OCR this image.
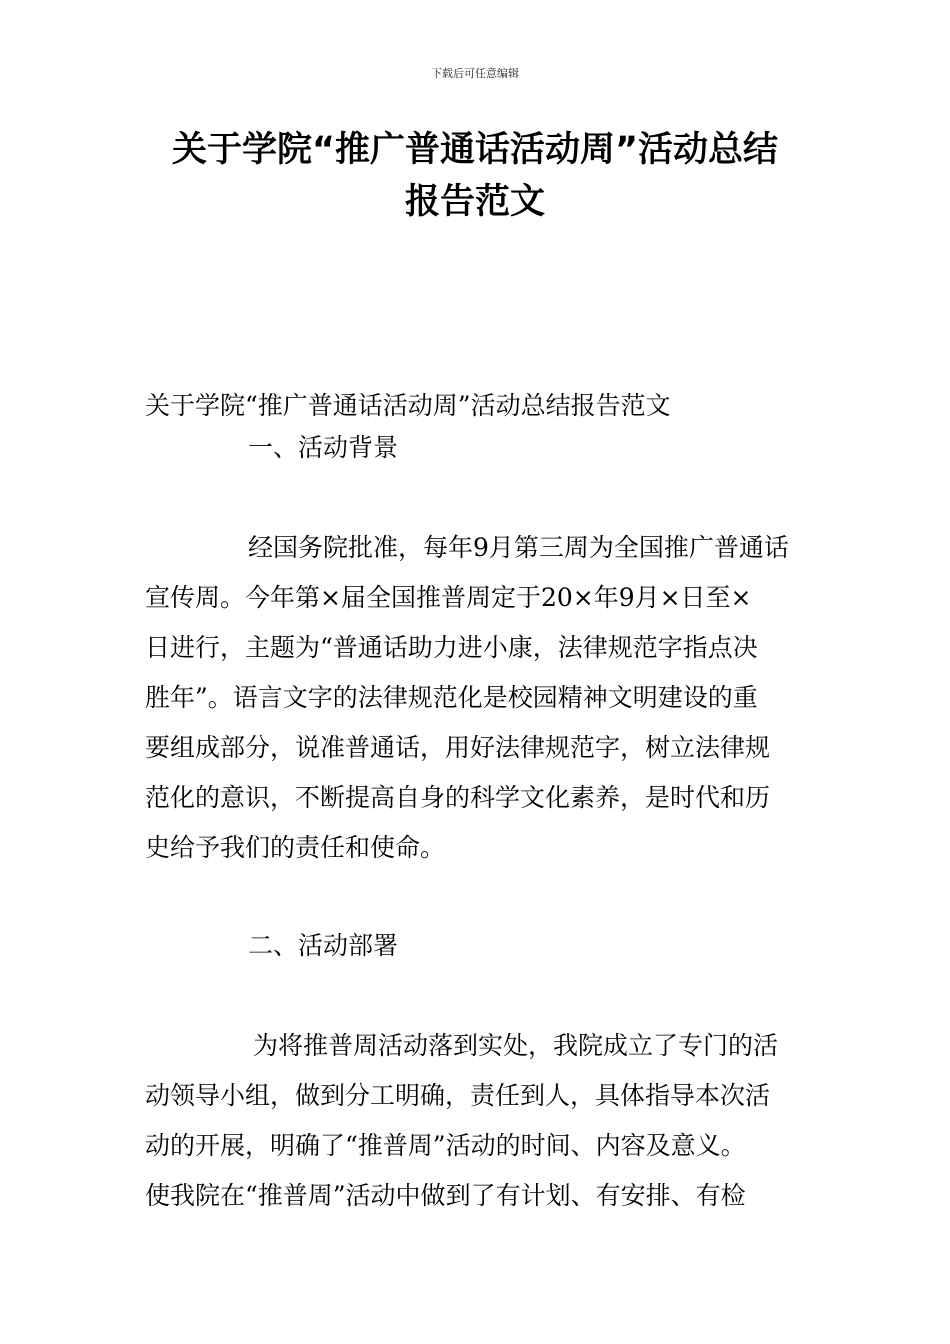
下载后可任意编辑
关于学院“推广普通话活动周”活动总结
报告范文

关于学院“推广普通话活动周”活动总结报告范文

一、活动背景

经国务院批准，每年9月第三周为全国推广普通话
宣传周。今年第×届全国推普周定于20×年9月×日至×
日进行，主题为“普通话助力进小康，法律规范字指点决
胜年”。语言文字的法律规范化是校园精神文明建设的重
要组成部分，说准普通话，用好法律规范字，树立法律规
范化的意识，不断提高自身的科学文化素养，是时代和历
史给予我们的责任和使命。

二、活动部署

为将推普周活动落到实处，我院成立了专门的活
动领导小组，做到分工明确，责任到人，具体指导本次活
动的开展，明确了“推普周”活动的时间、内容及意义。
使我院在“推普周”活动中做到了有计划、有安排、有检
